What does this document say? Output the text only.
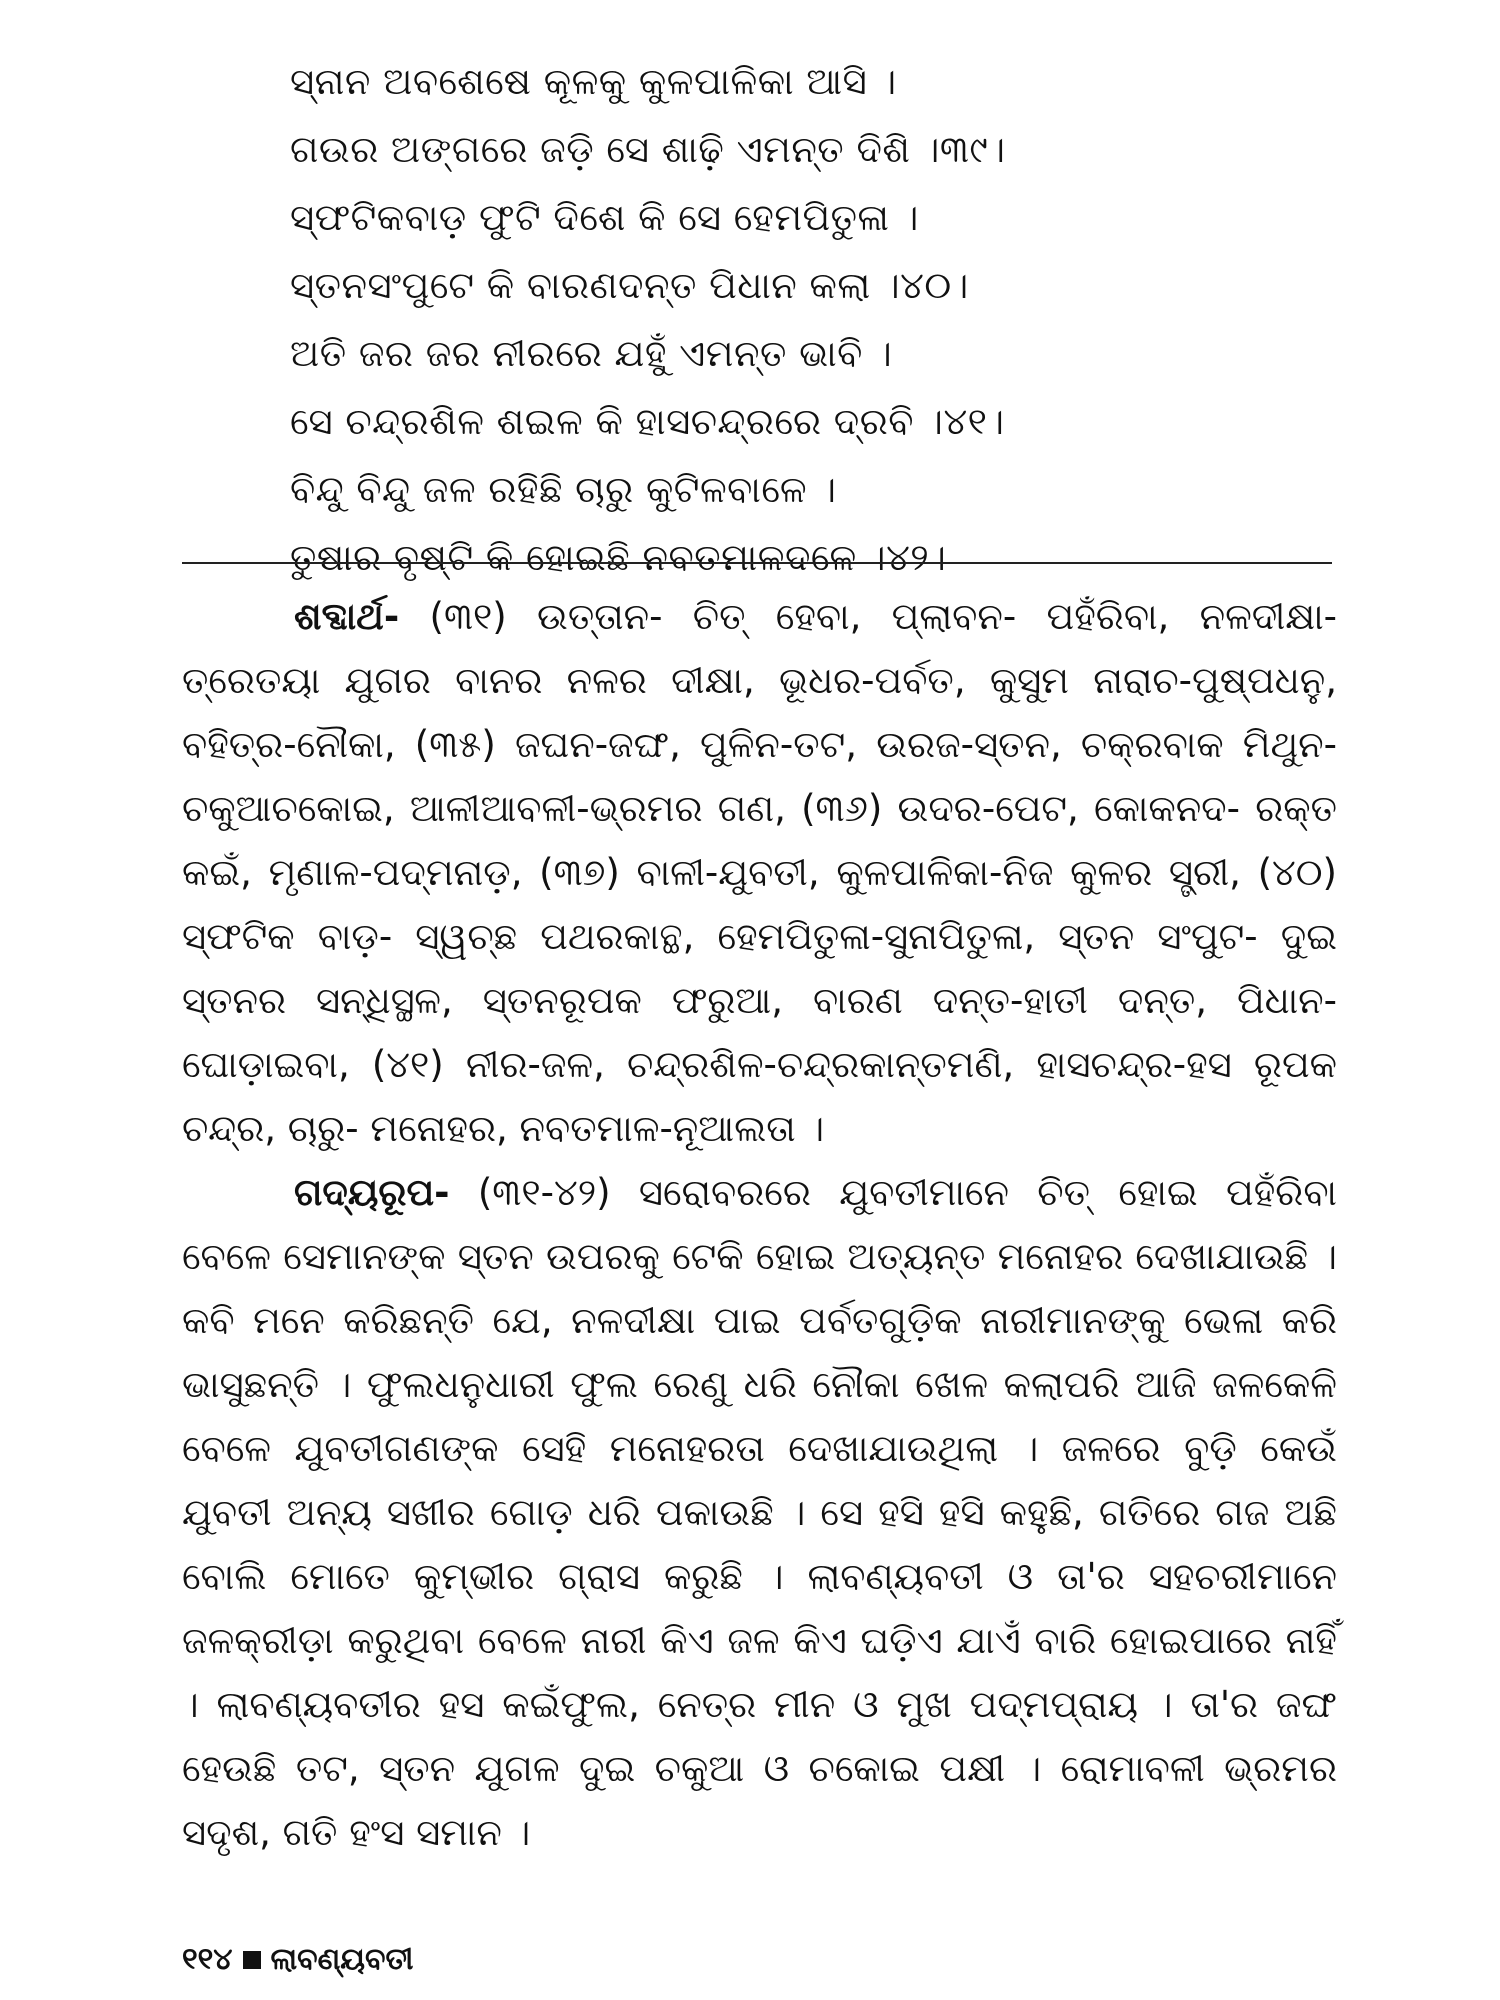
ସ୍ନାନ ଅବଶେଷେ କୂଳକୁ କୁଳପାଳିକା ଆସି ।
ଗଉର ଅଙ୍ଗରେ ଜଡ଼ି ସେ ଶାଢ଼ି ଏମନ୍ତ ଦିଶି ।୩୯।
ସ୍ଫଟିକବାଡ଼ ଫୁଟି ଦିଶେ କି ସେ ହେମପିତୁଳା ।
ସ୍ତନସଂପୁଟେ କି ବାରଣଦନ୍ତ ପିଧାନ କଲା ।୪୦।
ଅତି ଜର ଜର ନୀରରେ ଯହୁଁ ଏମନ୍ତ ଭାବି ।
ସେ ଚନ୍ଦ୍ରଶିଳ ଶଇଳ କି ହାସଚନ୍ଦ୍ରରେ ଦ୍ରବି ।୪୧।
ବିନ୍ଦୁ ବିନ୍ଦୁ ଜଳ ରହିଛି ଚାରୁ କୁଟିଳବାଳେ ।
ତୁଷାର ବୃଷ୍ଟି କି ହୋଇଛି ନବତମାଳଦଳେ ।୪୨।

ଶବ୍ଦାର୍ଥ- (୩୧) ଉତ୍ତାନ- ଚିତ୍ ହେବା, ପ୍ଲାବନ- ପହଁରିବା, ନଳଦୀକ୍ଷା- ତ୍ରେତୟା ଯୁଗର ବାନର ନଳର ଦୀକ୍ଷା, ଭୂଧର-ପର୍ବତ, କୁସୁମ ନାରାଚ-ପୁଷ୍ପଧନୁ, ବହିତ୍ର-ନୌକା, (୩୫) ଜଘନ-ଜଙ୍ଘ, ପୁଳିନ-ତଟ, ଉରଜ-ସ୍ତନ, ଚକ୍ରବାକ ମିଥୁନ- ଚକୁଆଚକୋଇ, ଆଳୀଆବଳୀ-ଭ୍ରମର ଗଣ, (୩୬) ଉଦର-ପେଟ, କୋକନଦ- ରକ୍ତ କଇଁ, ମୃଣାଳ-ପଦ୍ମନାଡ଼, (୩୭) ବାଳୀ-ଯୁବତୀ, କୁଳପାଳିକା-ନିଜ କୁଳର ସ୍ତ୍ରୀ, (୪୦) ସ୍ଫଟିକ ବାଡ଼- ସ୍ୱଚ୍ଛ ପଥରକାନ୍ଥ, ହେମପିତୁଳା-ସୁନାପିତୁଳା, ସ୍ତନ ସଂପୁଟ- ଦୁଇ ସ୍ତନର ସନ୍ଧିସ୍ଥଳ, ସ୍ତନରୂପକ ଫରୁଆ, ବାରଣ ଦନ୍ତ-ହାତୀ ଦନ୍ତ, ପିଧାନ- ଘୋଡ଼ାଇବା, (୪୧) ନୀର-ଜଳ, ଚନ୍ଦ୍ରଶିଳ-ଚନ୍ଦ୍ରକାନ୍ତମଣି, ହାସଚନ୍ଦ୍ର-ହସ ରୂପକ ଚନ୍ଦ୍ର, ଚାରୁ- ମନୋହର, ନବତମାଳ-ନୂଆଲତା ।

ଗଦ୍ୟରୂପ- (୩୧-୪୨) ସରୋବରରେ ଯୁବତୀମାନେ ଚିତ୍ ହୋଇ ପହଁରିବା ବେଳେ ସେମାନଙ୍କ ସ୍ତନ ଉପରକୁ ଟେକି ହୋଇ ଅତ୍ୟନ୍ତ ମନୋହର ଦେଖାଯାଉଛି । କବି ମନେ କରିଛନ୍ତି ଯେ, ନଳଦୀକ୍ଷା ପାଇ ପର୍ବତଗୁଡ଼ିକ ନାରୀମାନଙ୍କୁ ଭେଳା କରି ଭାସୁଛନ୍ତି । ଫୁଲଧନୁଧାରୀ ଫୁଲ ରେଣୁ ଧରି ନୌକା ଖେଳ କଲାପରି ଆଜି ଜଳକେଳି ବେଳେ ଯୁବତୀଗଣଙ୍କ ସେହି ମନୋହରତା ଦେଖାଯାଉଥିଲା । ଜଳରେ ବୁଡ଼ି କେଉଁ ଯୁବତୀ ଅନ୍ୟ ସଖୀର ଗୋଡ଼ ଧରି ପକାଉଛି । ସେ ହସି ହସି କହୁଛି, ଗତିରେ ଗଜ ଅଛି ବୋଲି ମୋତେ କୁମ୍ଭୀର ଗ୍ରାସ କରୁଛି । ଲାବଣ୍ୟବତୀ ଓ ତା'ର ସହଚରୀମାନେ ଜଳକ୍ରୀଡ଼ା କରୁଥିବା ବେଳେ ନାରୀ କିଏ ଜଳ କିଏ ଘଡ଼ିଏ ଯାଏଁ ବାରି ହୋଇପାରେ ନାହିଁ । ଲାବଣ୍ୟବତୀର ହସ କଇଁଫୁଲ, ନେତ୍ର ମୀନ ଓ ମୁଖ ପଦ୍ମପ୍ରାୟ । ତା'ର ଜଙ୍ଘ ହେଉଛି ତଟ, ସ୍ତନ ଯୁଗଳ ଦୁଇ ଚକୁଆ ଓ ଚକୋଇ ପକ୍ଷୀ । ରୋମାବଳୀ ଭ୍ରମର ସଦୃଶ, ଗତି ହଂସ ସମାନ ।

୧୧୪ ଲାବଣ୍ୟବତୀ
